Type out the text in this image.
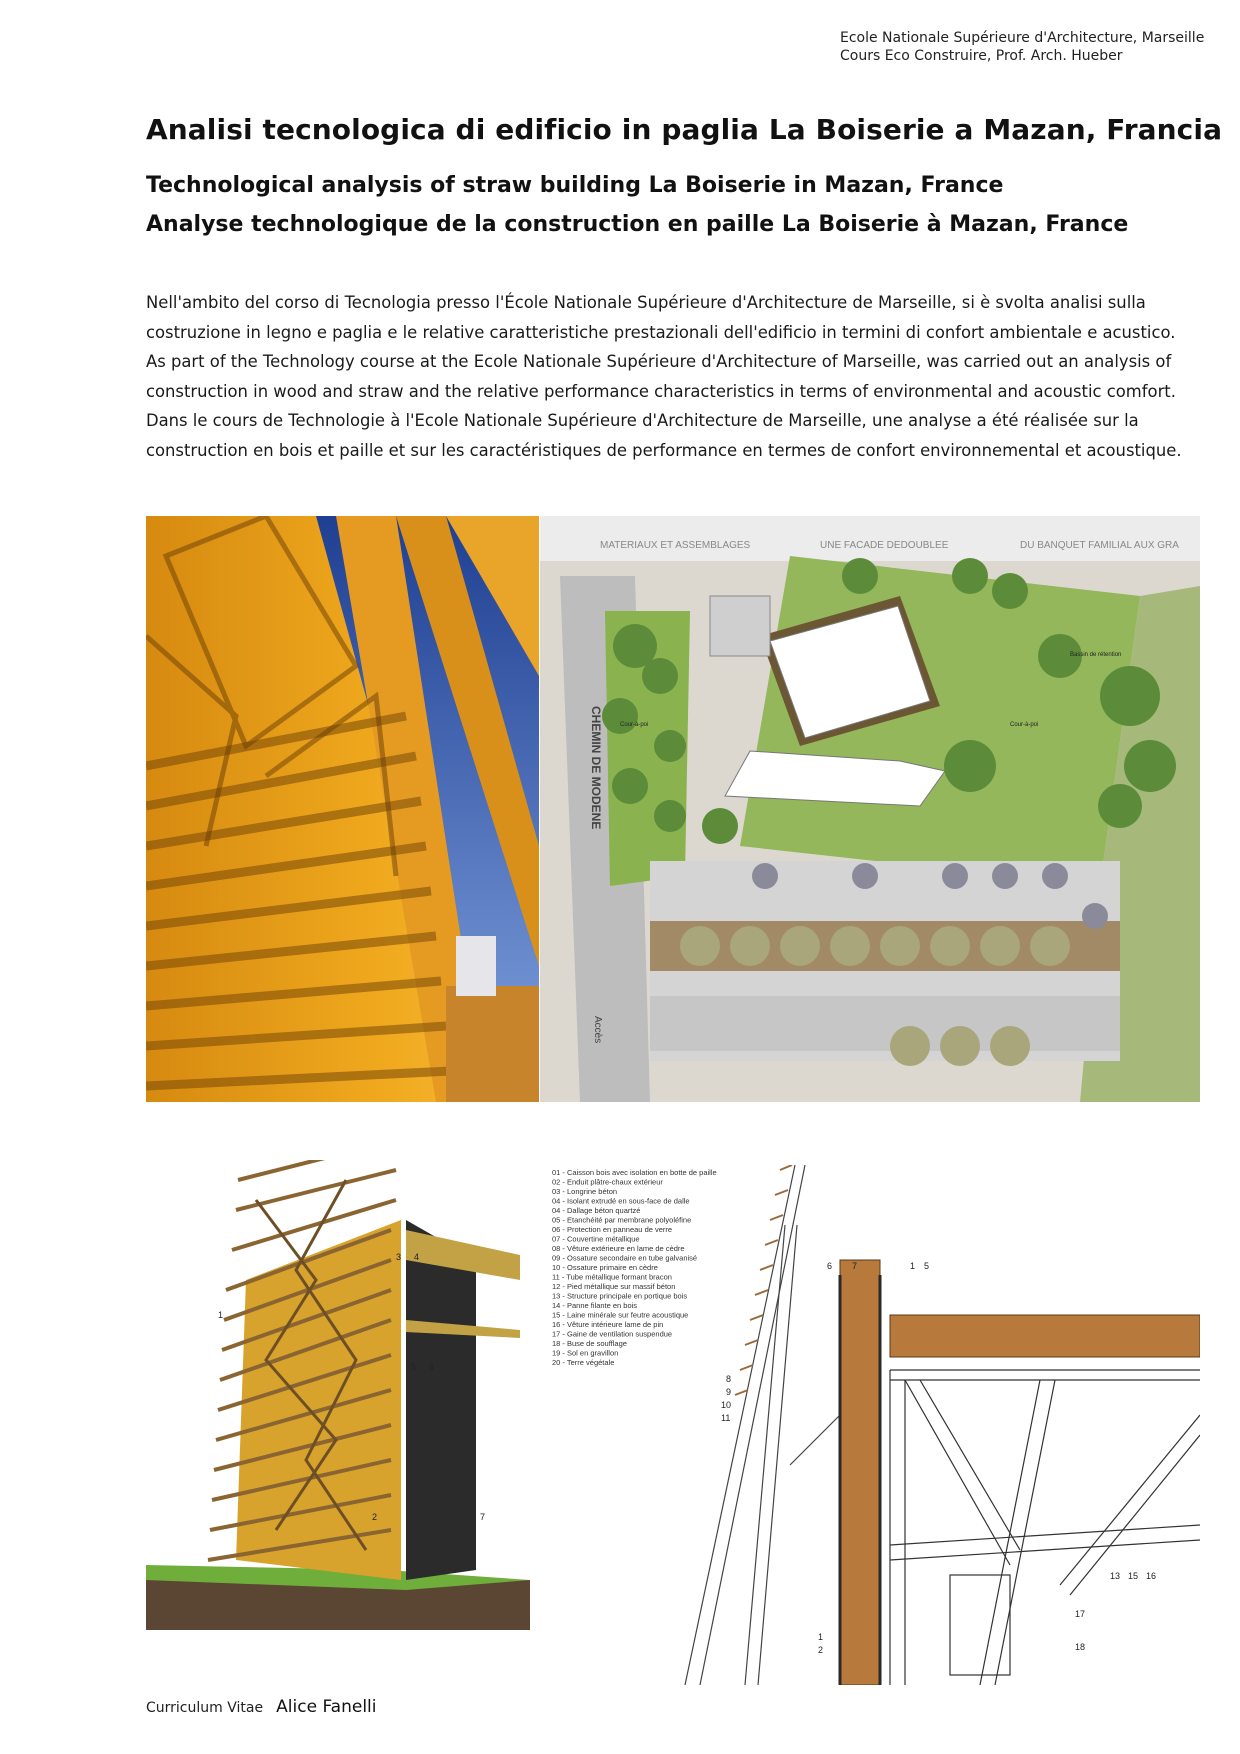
Ecole Nationale Supérieure d'Architecture, Marseille
Cours Eco Construire, Prof. Arch. Hueber
Analisi tecnologica di edificio in paglia La Boiserie a Mazan, Francia
Technological analysis of straw building La Boiserie in Mazan, France
Analyse technologique de la construction en paille La Boiserie à Mazan, France
Nell'ambito del corso di Tecnologia presso l'École Nationale Supérieure d'Architecture de Marseille, si è svolta analisi sulla
costruzione in legno e paglia e le relative caratteristiche prestazionali dell'edificio in termini di confort ambientale e acustico.
As part of the Technology course at the Ecole Nationale Supérieure d'Architecture of Marseille, was carried out an analysis of
construction in wood and straw and the relative performance characteristics in terms of environmental and acoustic comfort.
Dans le cours de Technologie à l'Ecole Nationale Supérieure d'Architecture de Marseille, une analyse a été réalisée sur la
construction en bois et paille et sur les caractéristiques de performance en termes de confort environnemental et acoustique.
MATERIAUX ET ASSEMBLAGES	UNE FACADE DEDOUBLEE	DU BANQUET FAMILIAL AUX GRA
CHEMIN DE MODENE
Accès
Cour-à-poi	Cour-à-poi
Bassin de rétention
3 4
1
5 6
2	7
01 - Caisson bois avec isolation en botte de paille
02 - Enduit plâtre-chaux extérieur
03 - Longrine béton
04 - Isolant extrudé en sous-face de dalle
04 - Dallage béton quartzé
05 - Etanchéité par membrane polyoléfine
06 - Protection en panneau de verre
07 - Couvertine métallique
08 - Vêture extérieure en lame de cèdre
09 - Ossature secondaire en tube galvanisé
10 - Ossature primaire en cèdre
11 - Tube métallique formant bracon
12 - Pied métallique sur massif béton
13 - Structure principale en portique bois
14 - Panne filante en bois
15 - Laine minérale sur feutre acoustique
16 - Vêture intérieure lame de pin
17 - Gaine de ventilation suspendue
18 - Buse de soufflage
19 - Sol en gravillon
20 - Terre végétale
6 7	1 5
8
9
10
11
13 15 16
1
2
17
18
Curriculum Vitae Alice Fanelli
